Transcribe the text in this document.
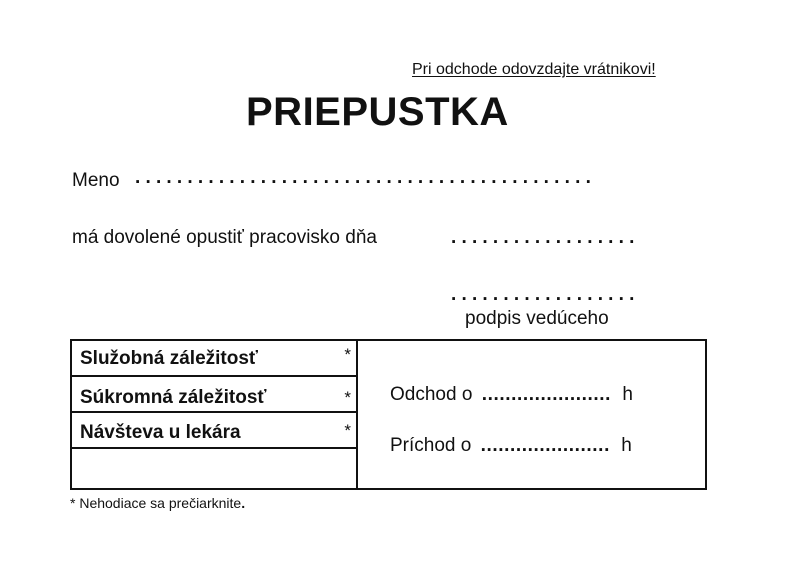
Pri odchode odovzdajte vrátnikovi!
PRIEPUSTKA
Meno ............................................
má dovolené opustiť pracovisko dňa	..................
..................
podpis vedúceho
Služobná záležitosť	*
Súkromná záležitosť	*
Návšteva u lekára	*
Odchod o ...................... h
Príchod o ...................... h
* Nehodiace sa prečiarknite.
